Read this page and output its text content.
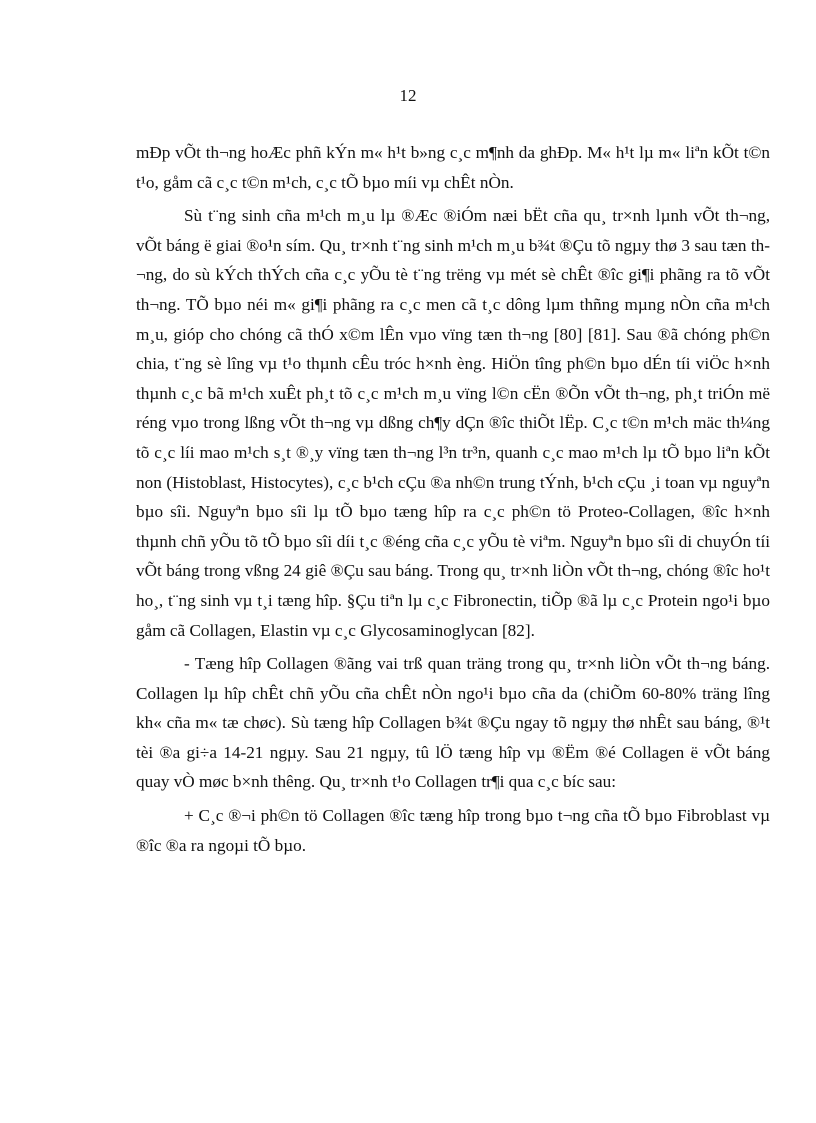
12

mĐp vÕt th¬ng hoÆc phñ kÝn m« h¹t b»ng c¸c m¶nh da ghÐp. M« h¹t lµ m« liªn kÕt t©n t¹o, gåm cã c¸c t©n m¹ch, c¸c tÕ bµo míi vµ chÊt nÒn.

Sù t¨ng sinh cña m¹ch m¸u lµ ®Æc ®iÓm næi bËt cña qu¸ tr×nh lµnh vÕt th¬ng, vÕt báng ë giai ®o¹n sím. Qu¸ tr×nh t¨ng sinh m¹ch m¸u b¾t ®Çu tõ ngµy thø 3 sau tæn th¬ng, do sù kÝch thÝch cña c¸c yÕu tè t¨ng trëng vµ mét sè chÊt ®îc gi¶i phãng ra tõ vÕt th¬ng. TÕ bµo néi m« gi¶i phãng ra c¸c men cã t¸c dông lµm thñng mµng nÒn cña m¹ch m¸u, gióp cho chóng cã thÓ x©m lÊn vµo vïng tæn th¬ng [80] [81]. Sau ®ã chóng ph©n chia, t¨ng sè lîng vµ t¹o thµnh cÊu tróc h×nh èng. HiÖn tîng ph©n bµo dÉn tíi viÖc h×nh thµnh c¸c bã m¹ch xuÊt ph¸t tõ c¸c m¹ch m¸u vïng l©n cËn ®Õn vÕt th¬ng, ph¸t triÓn më réng vµo trong lßng vÕt th¬ng vµ dßng ch¶y dÇn ®îc thiÕt lËp. C¸c t©n m¹ch mäc th¼ng tõ c¸c líi mao m¹ch s¸t ®¸y vïng tæn th¬ng l³n tr³n, quanh c¸c mao m¹ch lµ tÕ bµo liªn kÕt non (Histoblast, Histocytes), c¸c b¹ch cÇu ®a nh©n trung tÝnh, b¹ch cÇu ¸i toan vµ nguyªn bµo sîi. Nguyªn bµo sîi lµ tÕ bµo tæng hîp ra c¸c ph©n tö Proteo-Collagen, ®îc h×nh thµnh chñ yÕu tõ tÕ bµo sîi díi t¸c ®éng cña c¸c yÕu tè viªm. Nguyªn bµo sîi di chuyÓn tíi vÕt báng trong vßng 24 giê ®Çu sau báng. Trong qu¸ tr×nh liÒn vÕt th¬ng, chóng ®îc ho¹t ho¸, t¨ng sinh vµ t¸i tæng hîp. §Çu tiªn lµ c¸c Fibronectin, tiÕp ®ã lµ c¸c Protein ngo¹i bµo gåm cã Collagen, Elastin vµ c¸c Glycosaminoglycan [82].

- Tæng hîp Collagen ®ãng vai trß quan träng trong qu¸ tr×nh liÒn vÕt th¬ng báng. Collagen lµ hîp chÊt chñ yÕu cña chÊt nÒn ngo¹i bµo cña da (chiÕm 60-80% träng lîng kh« cña m« tæ chøc). Sù tæng hîp Collagen b¾t ®Çu ngay tõ ngµy thø nhÊt sau báng, ®¹t tèi ®a gi÷a 14-21 ngµy. Sau 21 ngµy, tû lÖ tæng hîp vµ ®Ëm ®é Collagen ë vÕt báng quay vÒ møc b×nh thêng. Qu¸ tr×nh t¹o Collagen tr¶i qua c¸c bíc sau:

+ C¸c ®¬i ph©n tö Collagen ®îc tæng hîp trong bµo t¬ng cña tÕ bµo Fibroblast vµ ®îc ®a ra ngoµi tÕ bµo.
